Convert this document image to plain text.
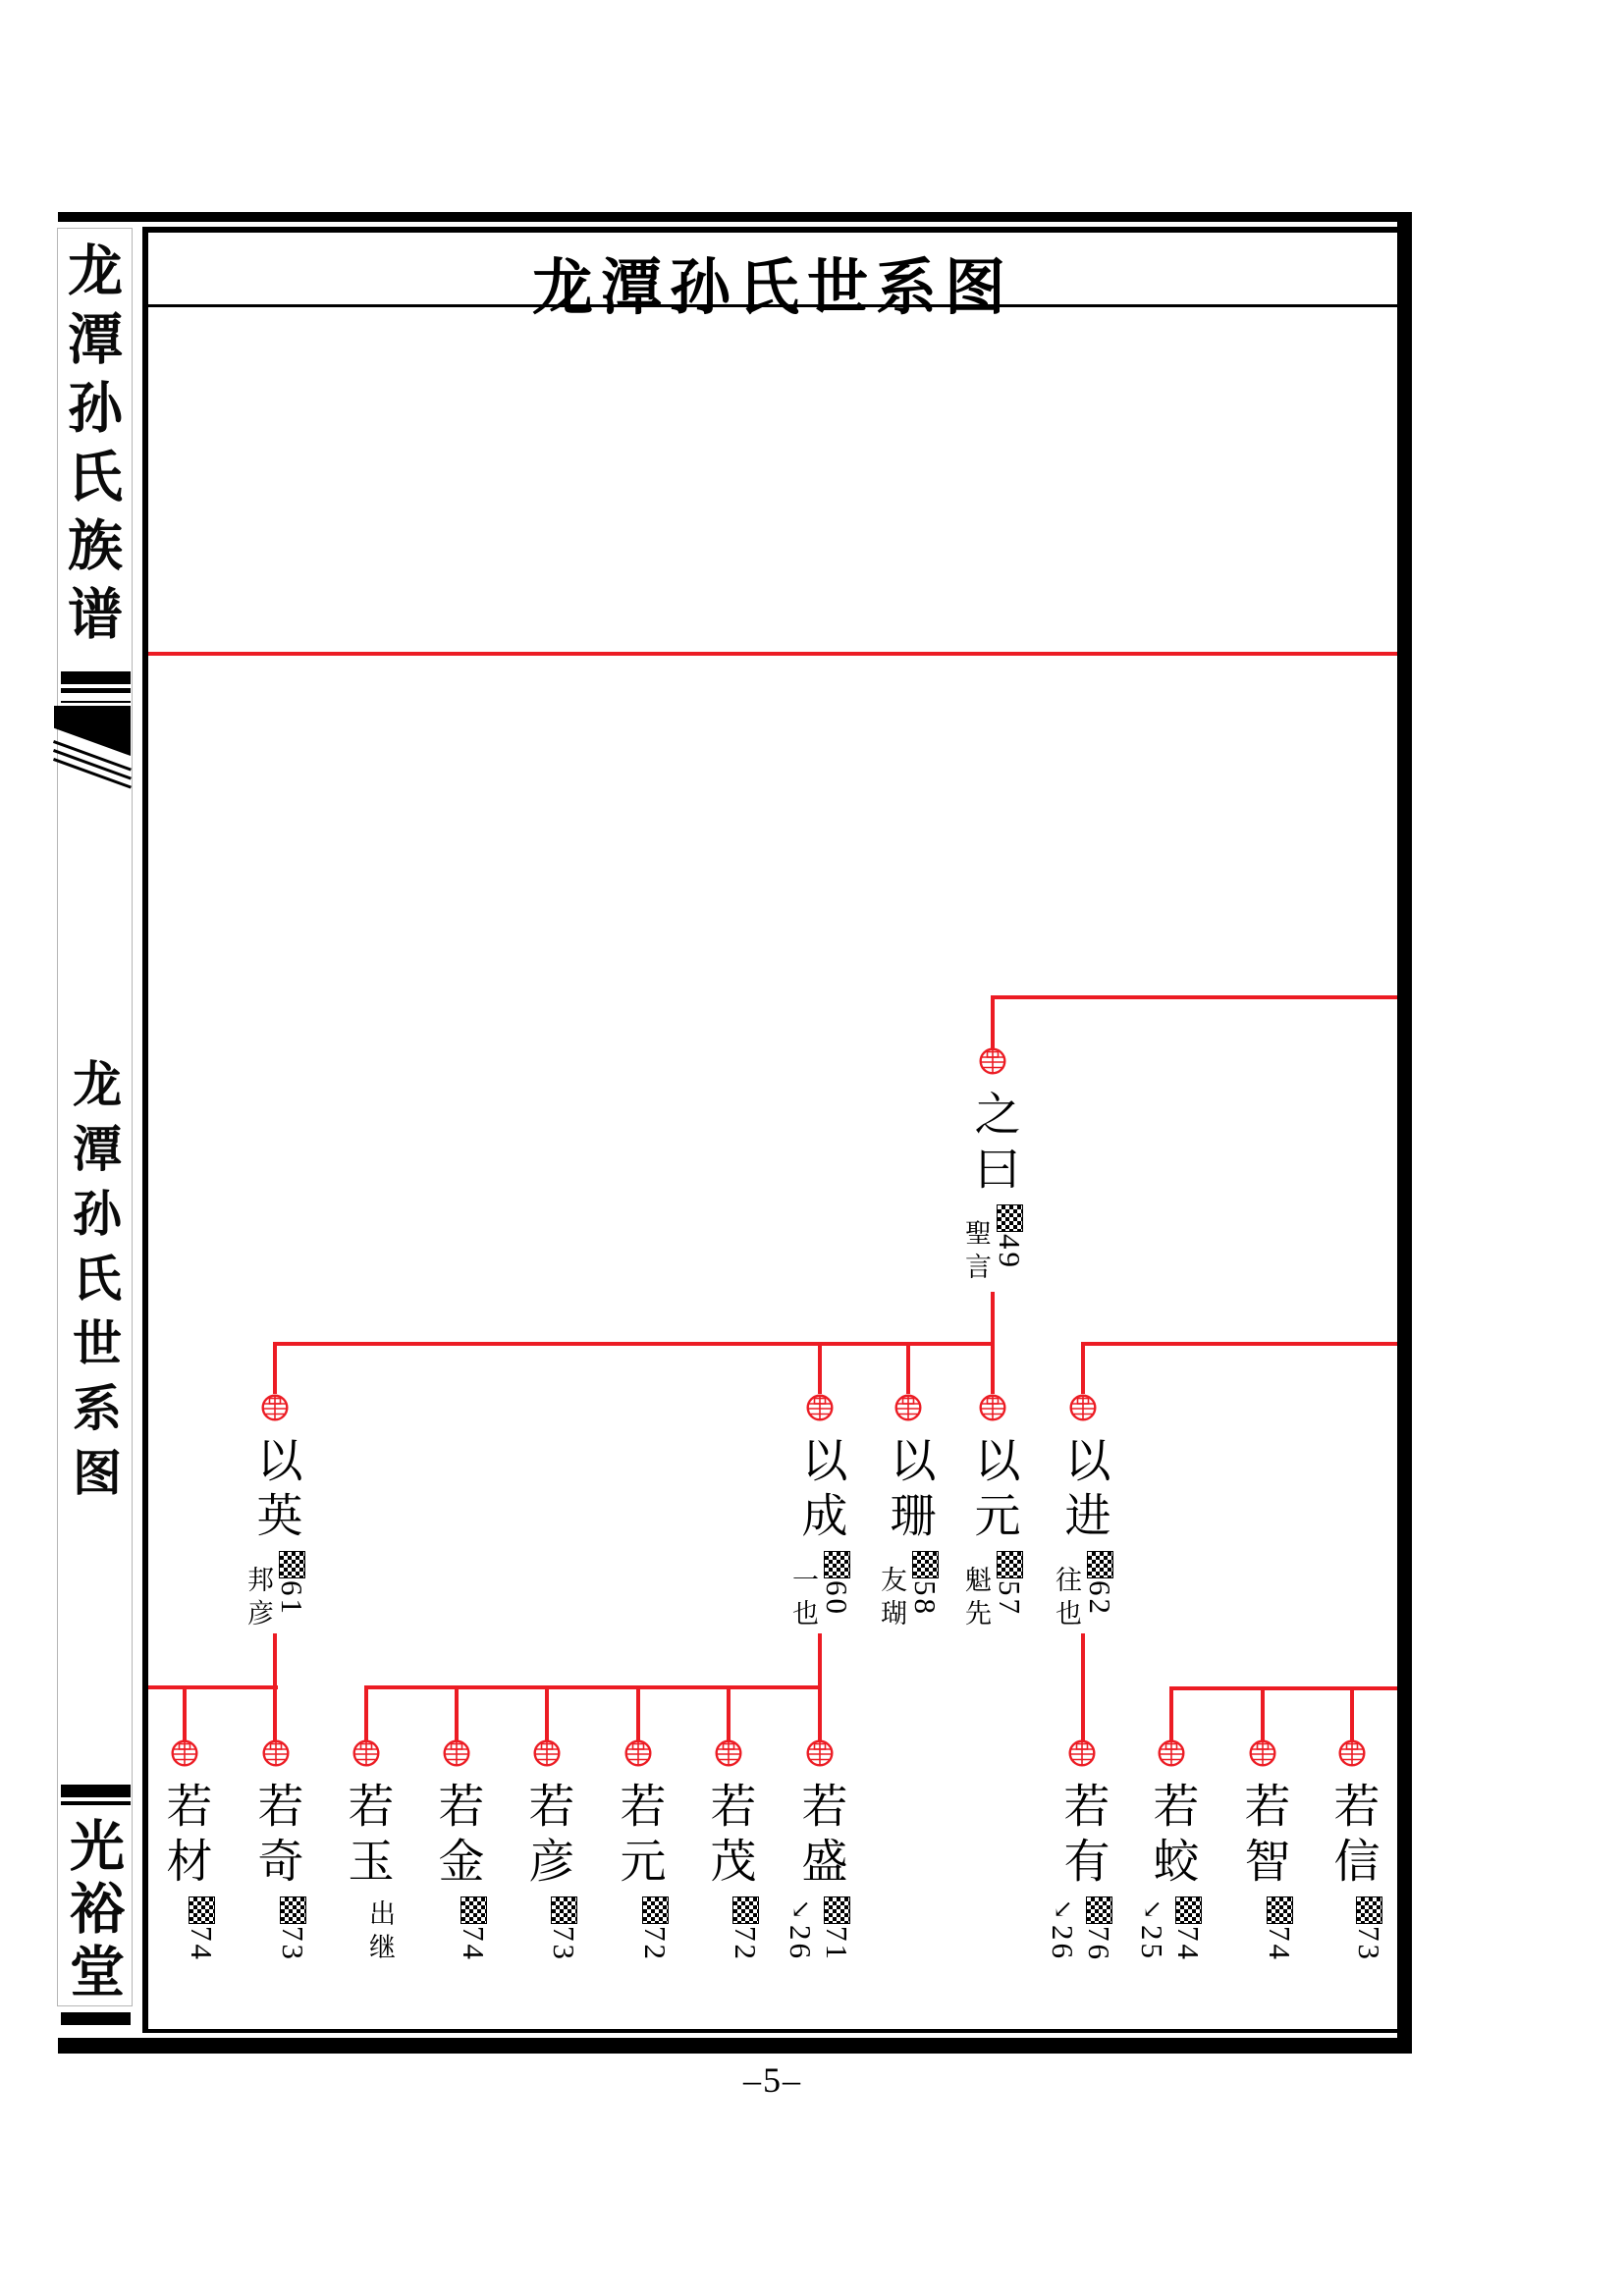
龙潭孙氏世系图
龙潭孙氏族谱
龙潭孙氏世系图
光裕堂
之曰
聖言 49
以英
邦彦 61
以成
一也 60
以珊
友瑚 58
以元
魁先 57
以进
往也 62
若材
74
若奇
73
若玉
出继
若金
74
若彦
73
若元
72
若茂
72
若盛
↙
26 71
若有
↙
26 76
若蛟
↙
25 74
若智
74
若信
73
–5–
